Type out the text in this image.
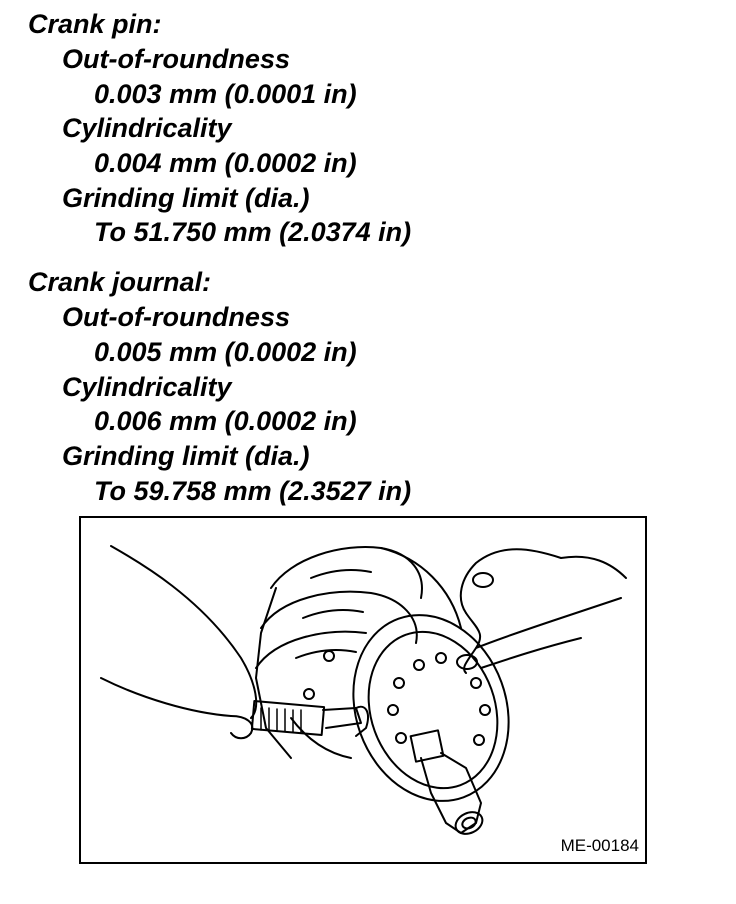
Crank pin:
Out-of-roundness
0.003 mm (0.0001 in)
Cylindricality
0.004 mm (0.0002 in)
Grinding limit (dia.)
To 51.750 mm (2.0374 in)
Crank journal:
Out-of-roundness
0.005 mm (0.0002 in)
Cylindricality
0.006 mm (0.0002 in)
Grinding limit (dia.)
To 59.758 mm (2.3527 in)
ME-00184
